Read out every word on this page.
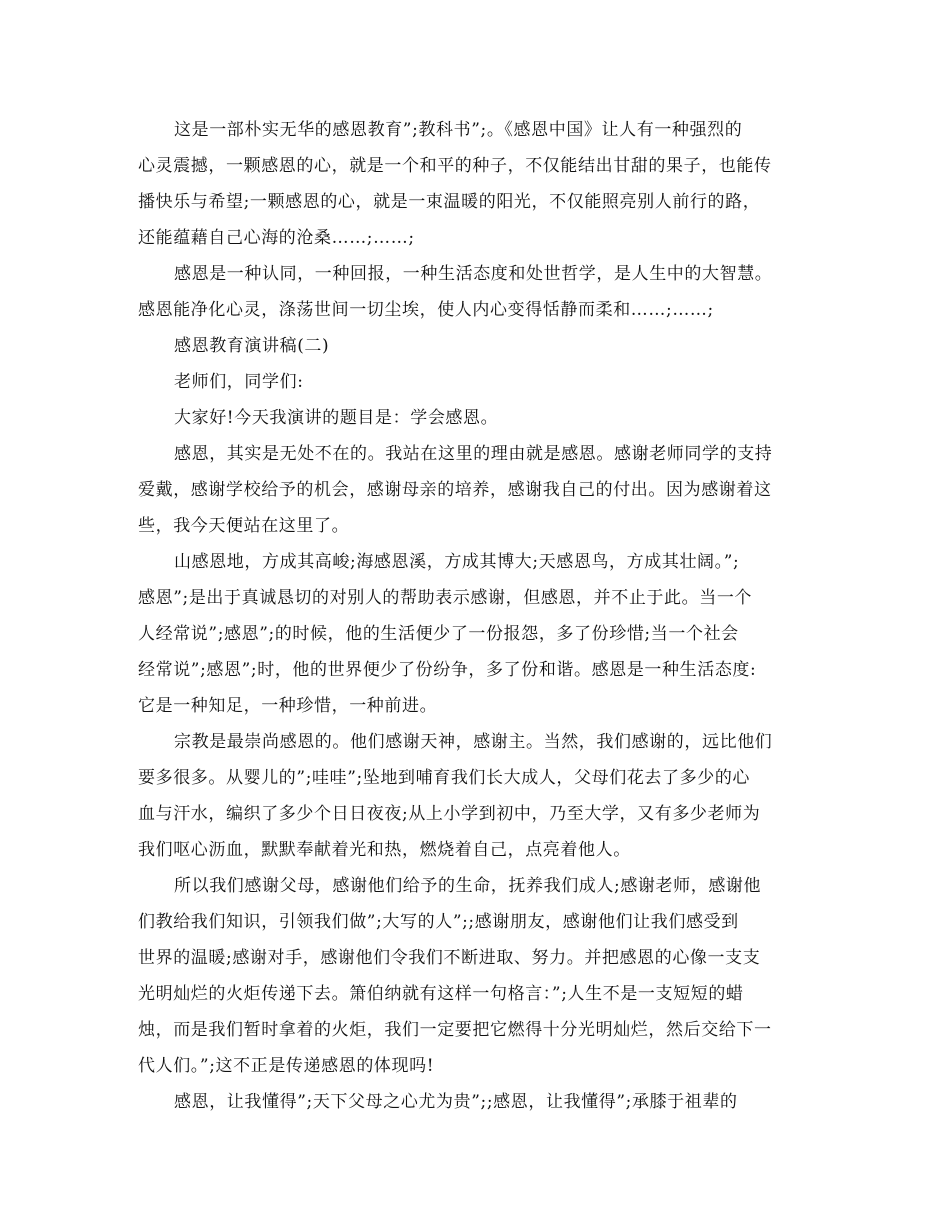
这是一部朴实无华的感恩教育”;教科书”;。《感恩中国》让人有一种强烈的
心灵震撼，一颗感恩的心，就是一个和平的种子，不仅能结出甘甜的果子，也能传
播快乐与希望;一颗感恩的心，就是一束温暖的阳光，不仅能照亮别人前行的路，
还能蕴藉自己心海的沧桑……;……;
感恩是一种认同，一种回报，一种生活态度和处世哲学，是人生中的大智慧。
感恩能净化心灵，涤荡世间一切尘埃，使人内心变得恬静而柔和……;……;
感恩教育演讲稿(二)
老师们，同学们:
大家好!今天我演讲的题目是：学会感恩。
感恩，其实是无处不在的。我站在这里的理由就是感恩。感谢老师同学的支持
爱戴，感谢学校给予的机会，感谢母亲的培养，感谢我自己的付出。因为感谢着这
些，我今天便站在这里了。
山感恩地，方成其高峻;海感恩溪，方成其博大;天感恩鸟，方成其壮阔。”;
感恩”;是出于真诚恳切的对别人的帮助表示感谢，但感恩，并不止于此。当一个
人经常说”;感恩”;的时候，他的生活便少了一份报怨，多了份珍惜;当一个社会
经常说”;感恩”;时，他的世界便少了份纷争，多了份和谐。感恩是一种生活态度:
它是一种知足，一种珍惜，一种前进。
宗教是最崇尚感恩的。他们感谢天神，感谢主。当然，我们感谢的，远比他们
要多很多。从婴儿的”;哇哇”;坠地到哺育我们长大成人，父母们花去了多少的心
血与汗水，编织了多少个日日夜夜;从上小学到初中，乃至大学，又有多少老师为
我们呕心沥血，默默奉献着光和热，燃烧着自己，点亮着他人。
所以我们感谢父母，感谢他们给予的生命，抚养我们成人;感谢老师，感谢他
们教给我们知识，引领我们做”;大写的人”;;感谢朋友，感谢他们让我们感受到
世界的温暖;感谢对手，感谢他们令我们不断进取、努力。并把感恩的心像一支支
光明灿烂的火炬传递下去。箫伯纳就有这样一句格言：”;人生不是一支短短的蜡
烛，而是我们暂时拿着的火炬，我们一定要把它燃得十分光明灿烂，然后交给下一
代人们。”;这不正是传递感恩的体现吗!
感恩，让我懂得”;天下父母之心尤为贵”;;感恩，让我懂得”;承膝于祖辈的
